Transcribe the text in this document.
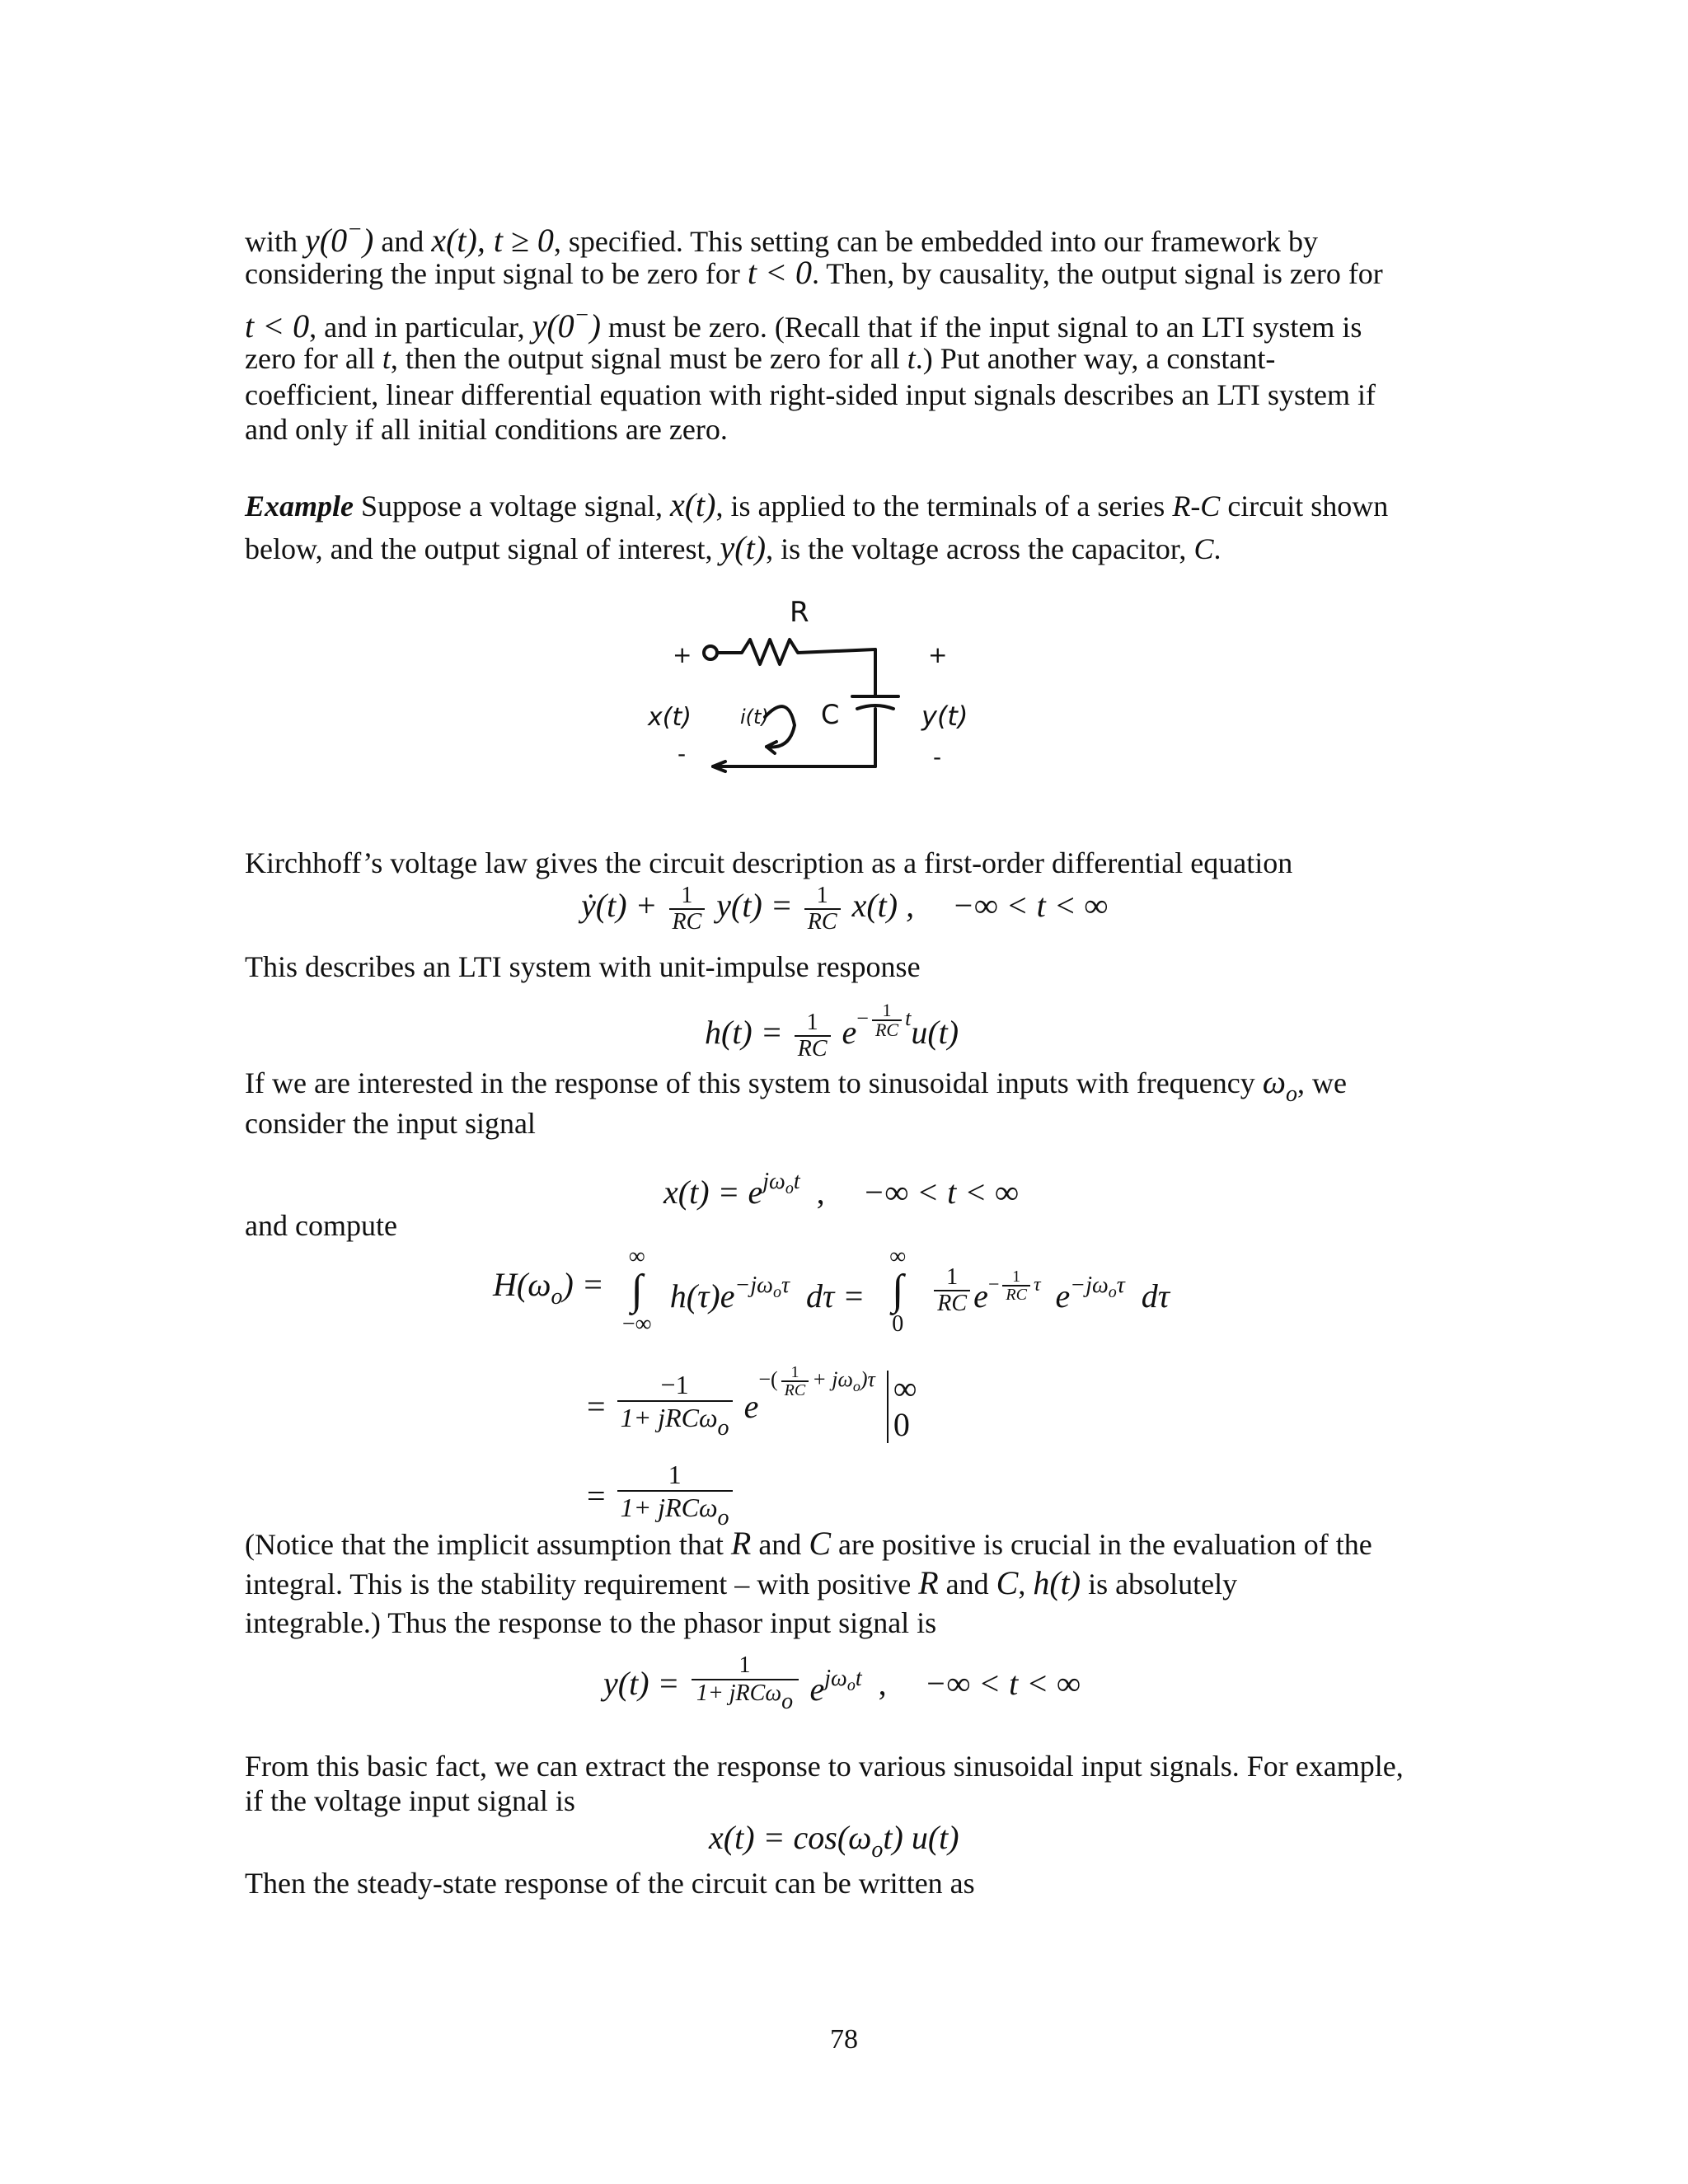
with y(0−) and x(t), t ≥ 0, specified. This setting can be embedded into our framework by
considering the input signal to be zero for t < 0. Then, by causality, the output signal is zero for
t < 0, and in particular, y(0−) must be zero. (Recall that if the input signal to an LTI system is
zero for all t, then the output signal must be zero for all t.) Put another way, a constant-
coefficient, linear differential equation with right-sided input signals describes an LTI system if
and only if all initial conditions are zero.
Example Suppose a voltage signal, x(t), is applied to the terminals of a series R-C circuit shown
below, and the output signal of interest, y(t), is the voltage across the capacitor, C.
R
+	+
x(t) i(t) C	y(t)
-	-
Kirchhoff’s voltage law gives the circuit description as a first-order differential equation
ẏ(t) + $\frac{1}{RC} y(t) = \frac{1}{RC} x(t)$ , −∞ < t < ∞
This describes an LTI system with unit-impulse response
$h(t) = \frac{1}{RC} e^{- \frac{1}{RC} t}u(t)$
If we are interested in the response of this system to sinusoidal inputs with frequency $\omega_o$, we
consider the input signal
$x(t) = e^{j\omega_ot}$ , −∞ < t < ∞
and compute
$H(\omega_o)$ =
∞
∫
−∞
$h(\tau)e^{-j\omega_o\tau}$ dτ =
∞
∫
0

$\frac{1}{RC} e^{- \frac{1}{RC} \tau}$ $e^{-j\omega_o\tau}$ dτ
= $\frac{-1}{\text{1+ jRCωo}} e^{-( \frac{1}{RC} + j\omega_o)\tau}$ ∞
0
= $\frac{1}{\text{1+ jRCωo}}$
(Notice that the implicit assumption that R and C are positive is crucial in the evaluation of the
integral. This is the stability requirement – with positive R and C, h(t) is absolutely
integrable.) Thus the response to the phasor input signal is
$y(t) = \frac{1}{\text{1+ jRCωo}} e^{j\omega_ot}$ , −∞ < t < ∞
From this basic fact, we can extract the response to various sinusoidal input signals. For example,
if the voltage input signal is
$x(t) = \cos(\omega_ot)$ u(t)
Then the steady-state response of the circuit can be written as
78
